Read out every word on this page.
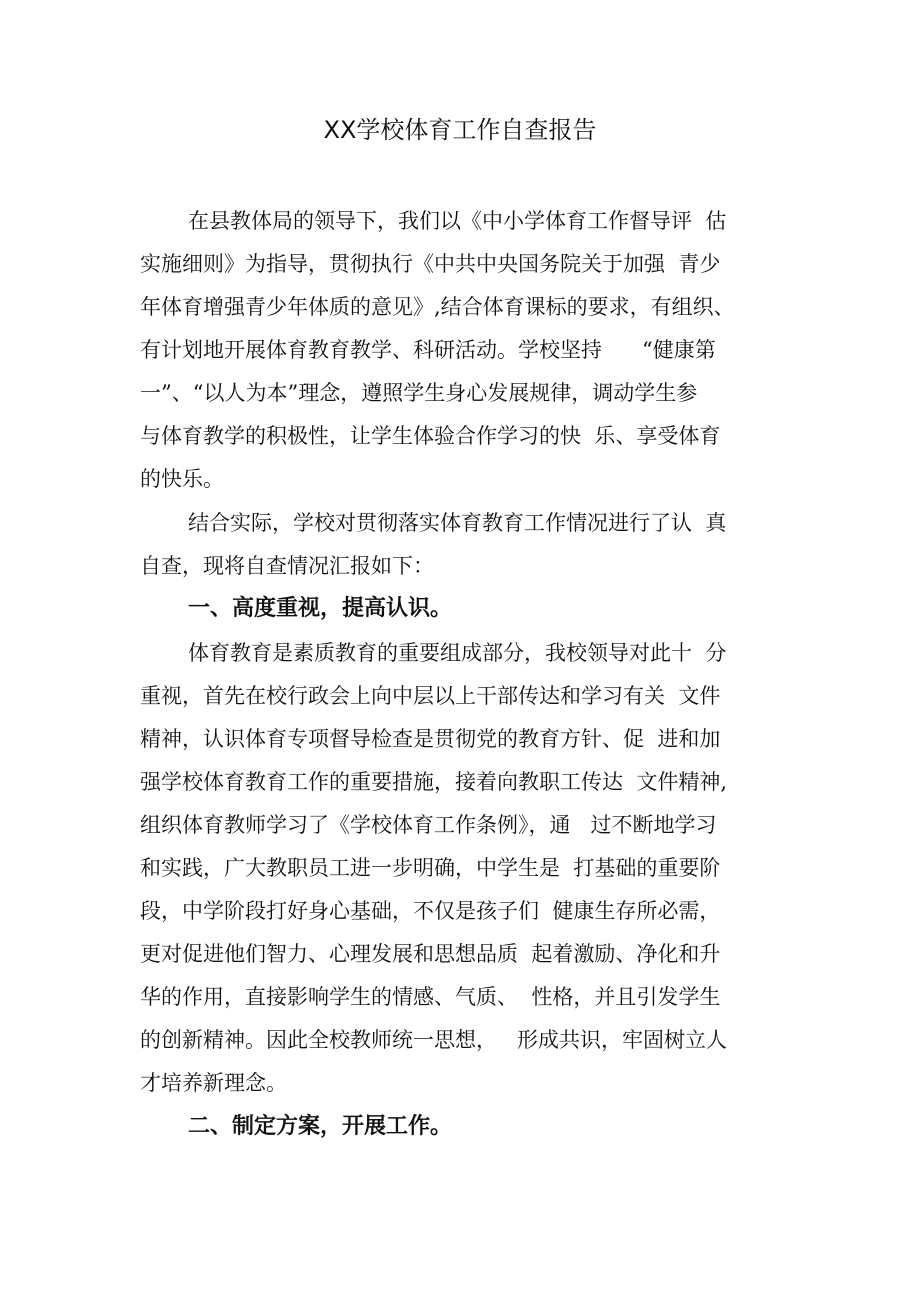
XX学校体育工作自查报告

在县教体局的领导下，我们以《中小学体育工作督导评  估

实施细则》为指导，贯彻执行《中共中央国务院关于加强  青少

年体育增强青少年体质的意见》,结合体育课标的要求，有组织、

有计划地开展体育教育教学、科研活动。学校坚持      “健康第

一”、“以人为本”理念，遵照学生身心发展规律，调动学生参

与体育教学的积极性，让学生体验合作学习的快  乐、享受体育

的快乐。

结合实际，学校对贯彻落实体育教育工作情况进行了认  真

自查，现将自查情况汇报如下：

一、高度重视，提高认识。

体育教育是素质教育的重要组成部分，我校领导对此十  分

重视，首先在校行政会上向中层以上干部传达和学习有关  文件

精神，认识体育专项督导检查是贯彻党的教育方针、促  进和加

强学校体育教育工作的重要措施，接着向教职工传达  文件精神,

组织体育教师学习了《学校体育工作条例》，通   过不断地学习

和实践，广大教职员工进一步明确，中学生是  打基础的重要阶

段，中学阶段打好身心基础，不仅是孩子们  健康生存所必需，

更对促进他们智力、心理发展和思想品质  起着激励、净化和升

华的作用，直接影响学生的情感、气质、  性格，并且引发学生

的创新精神。因此全校教师统一思想，   形成共识，牢固树立人

才培养新理念。

二、制定方案，开展工作。
